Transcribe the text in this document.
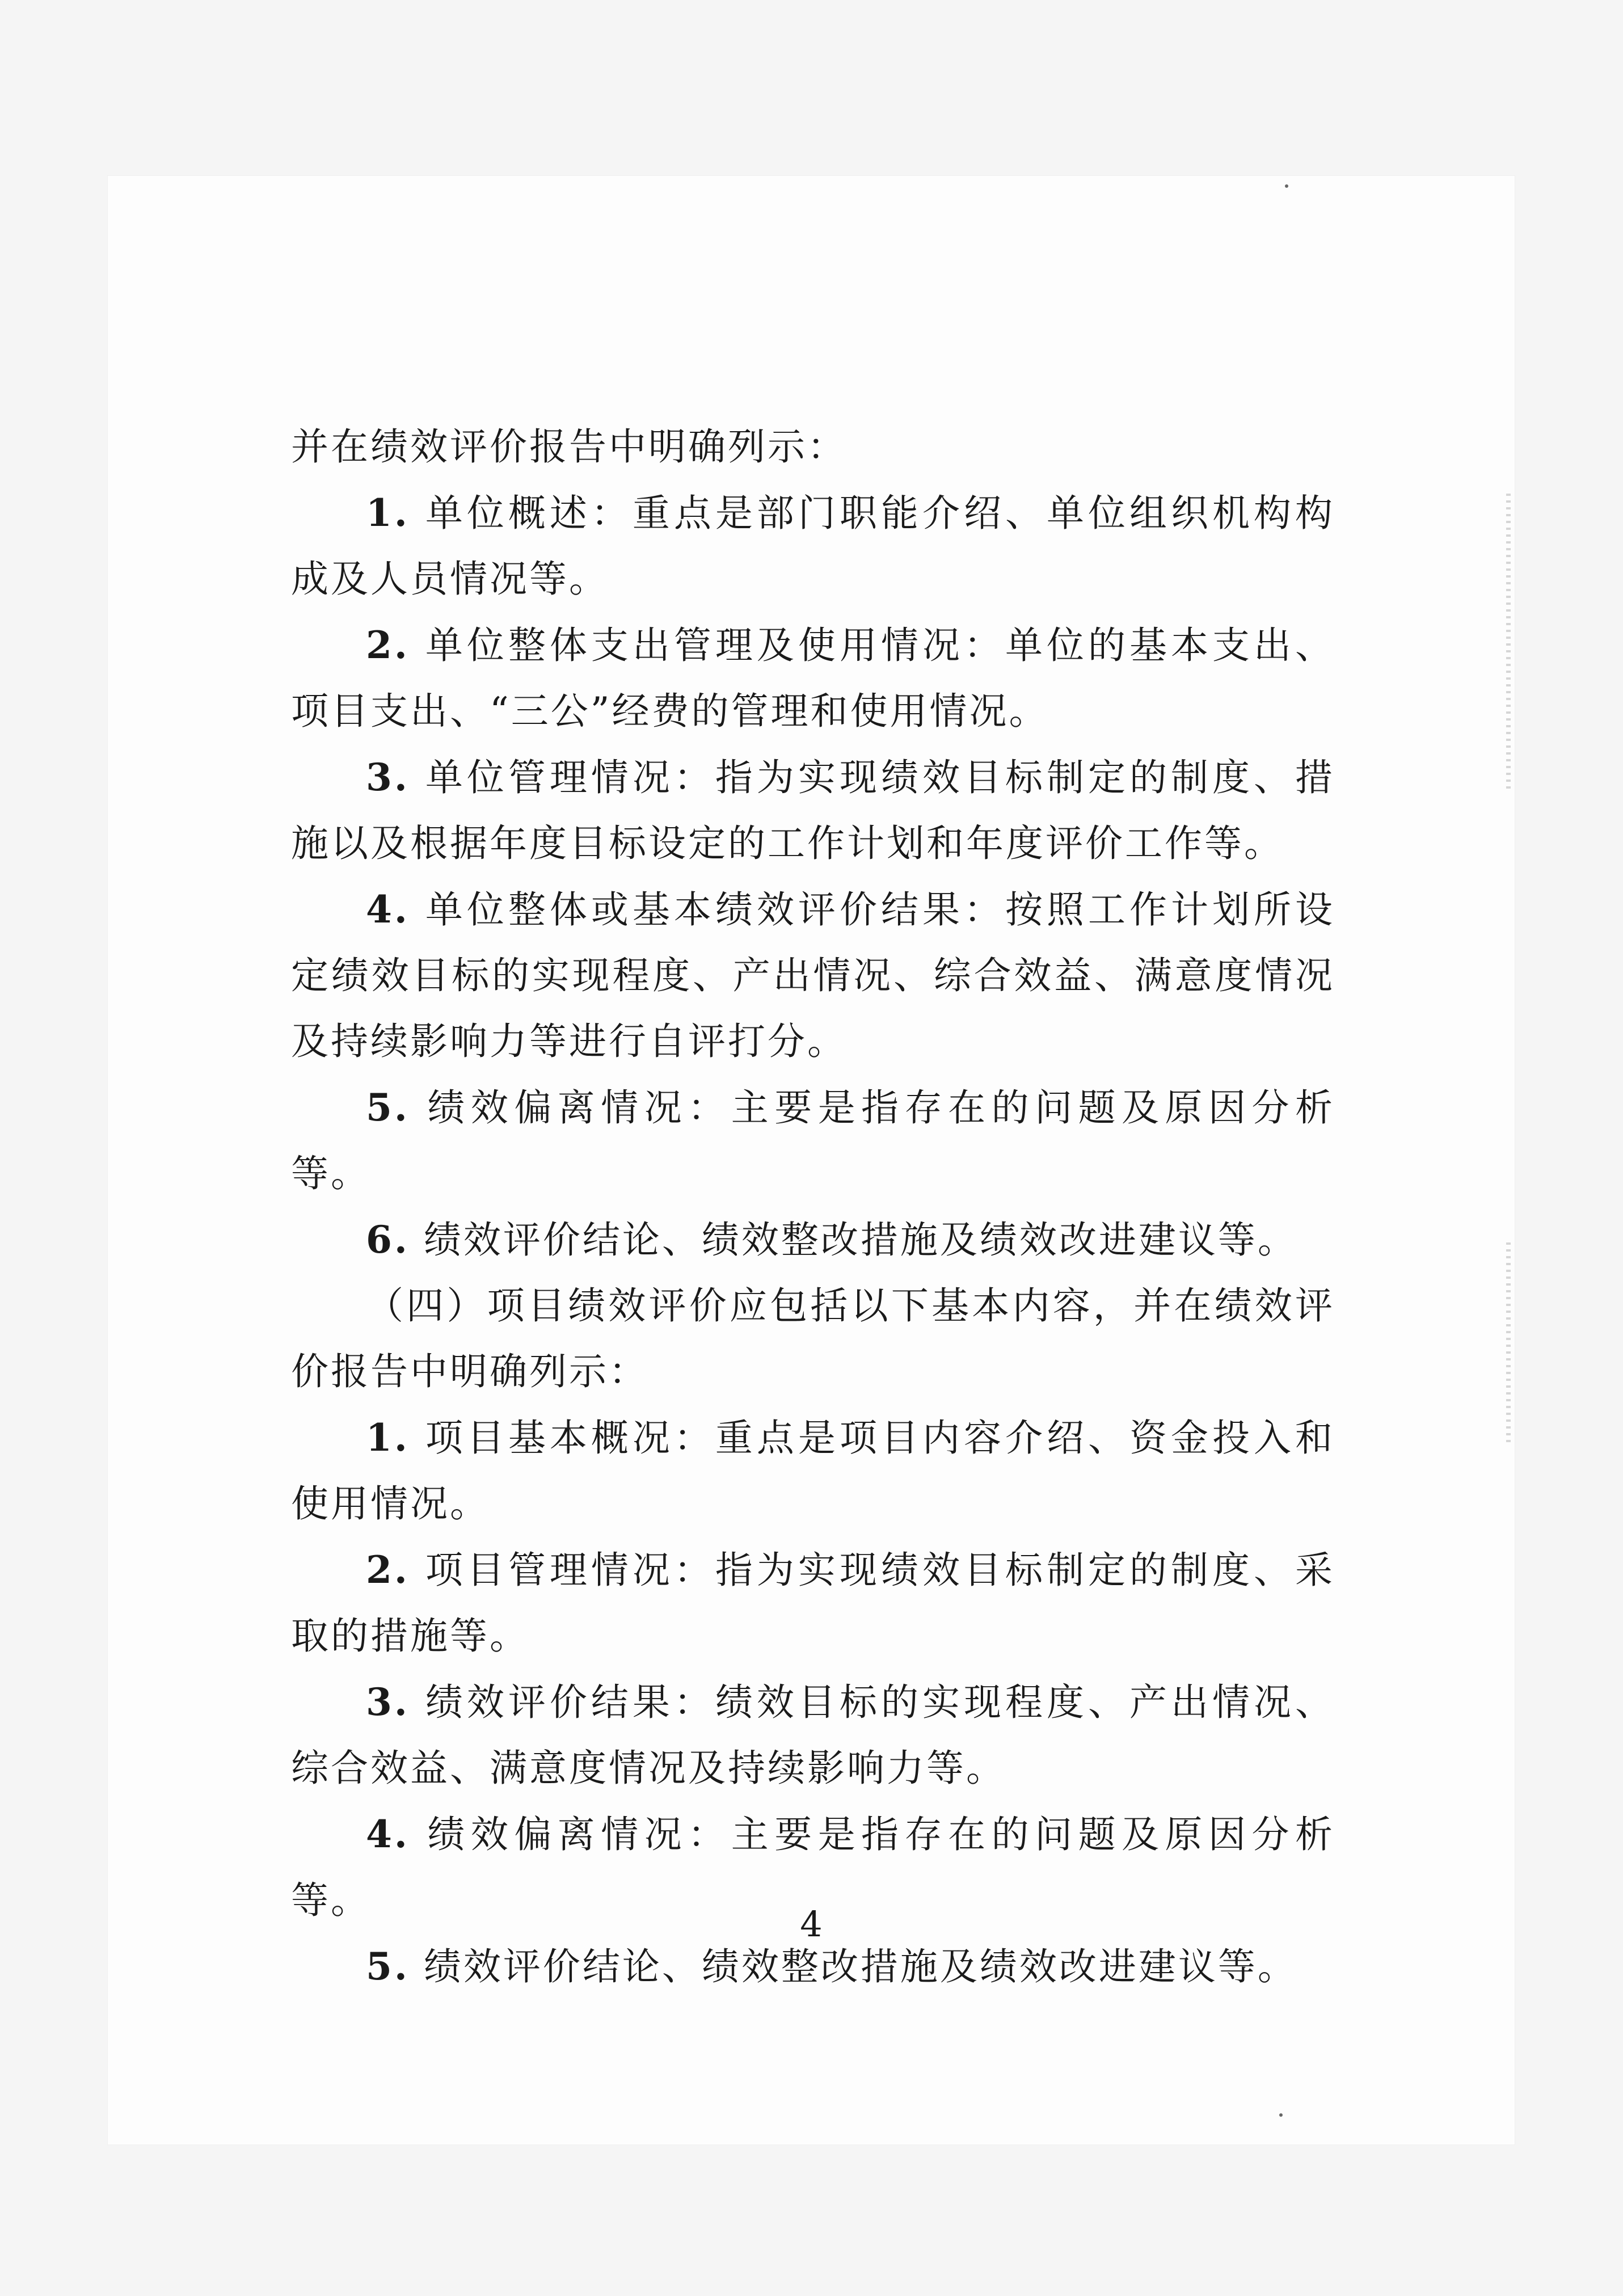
并在绩效评价报告中明确列示：

1. 单位概述：重点是部门职能介绍、单位组织机构构成及人员情况等。

2. 单位整体支出管理及使用情况：单位的基本支出、项目支出、“三公”经费的管理和使用情况。

3. 单位管理情况：指为实现绩效目标制定的制度、措施以及根据年度目标设定的工作计划和年度评价工作等。

4. 单位整体或基本绩效评价结果：按照工作计划所设定绩效目标的实现程度、产出情况、综合效益、满意度情况及持续影响力等进行自评打分。

5. 绩效偏离情况：主要是指存在的问题及原因分析等。

6. 绩效评价结论、绩效整改措施及绩效改进建议等。

（四）项目绩效评价应包括以下基本内容，并在绩效评价报告中明确列示：

1. 项目基本概况：重点是项目内容介绍、资金投入和使用情况。

2. 项目管理情况：指为实现绩效目标制定的制度、采取的措施等。

3. 绩效评价结果：绩效目标的实现程度、产出情况、综合效益、满意度情况及持续影响力等。

4. 绩效偏离情况：主要是指存在的问题及原因分析等。

5. 绩效评价结论、绩效整改措施及绩效改进建议等。

4
